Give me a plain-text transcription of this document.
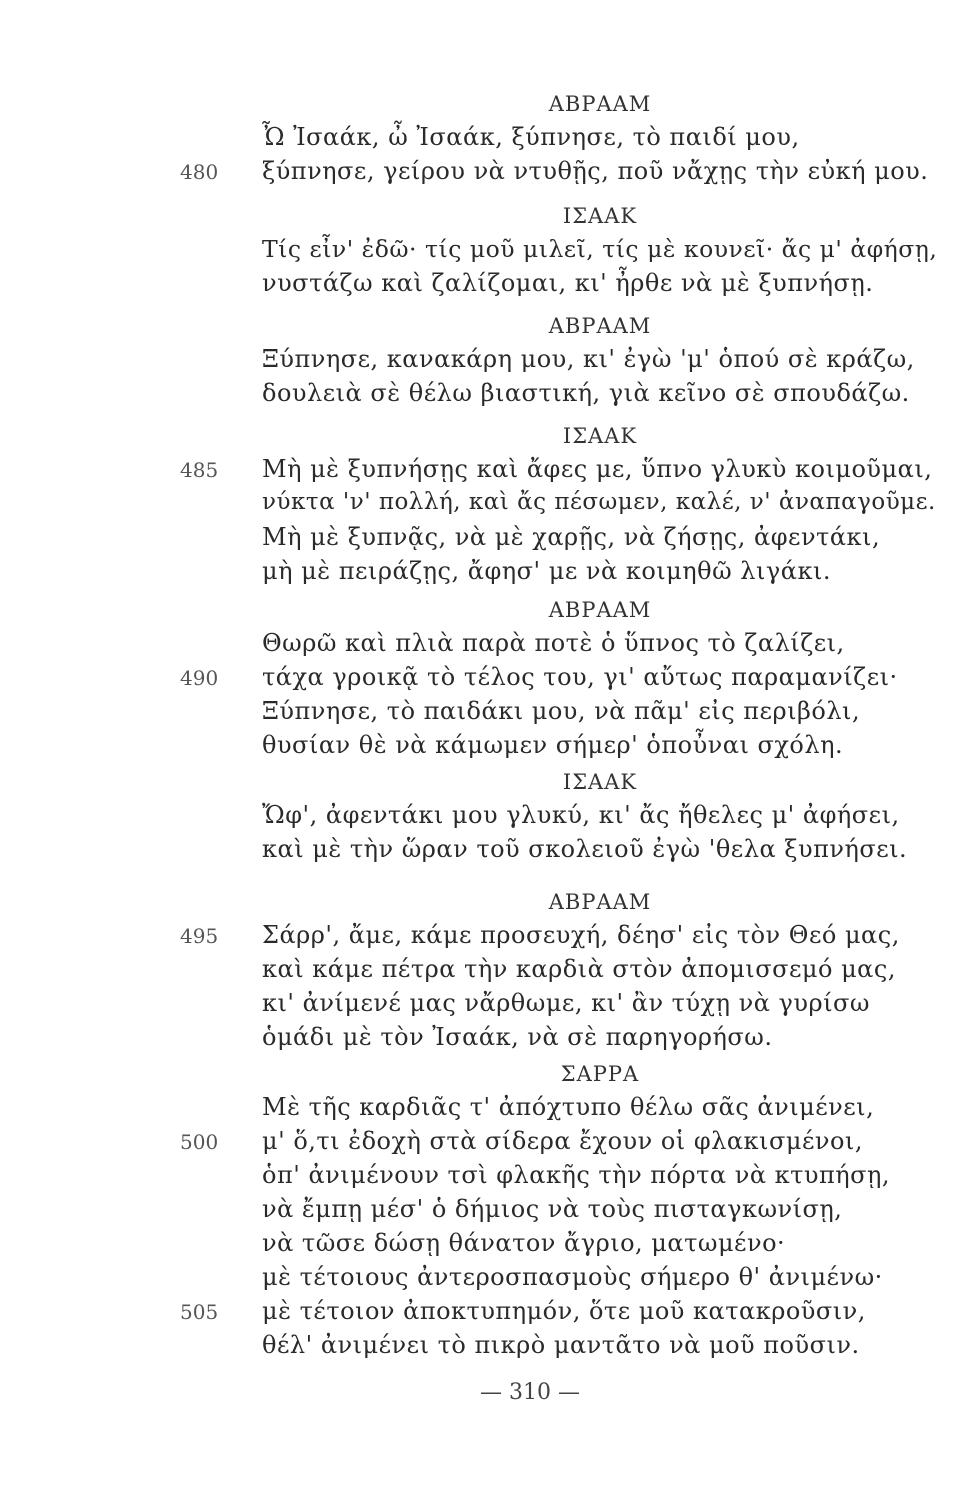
ΑΒΡΑΑΜ
Ὦ Ἰσαάκ, ὦ Ἰσαάκ, ξύπνησε, τὸ παιδί μου,
ξύπνησε, γείρου νὰ ντυθῇς, ποῦ νἄχῃς τὴν εὐκή μου.
480
ΙΣΑΑΚ
Τίς εἶν' ἐδῶ· τίς μοῦ μιλεῖ, τίς μὲ κουνεῖ· ἄς μ' ἀφήσῃ,
νυστάζω καὶ ζαλίζομαι, κι' ἦρθε νὰ μὲ ξυπνήσῃ.
ΑΒΡΑΑΜ
Ξύπνησε, κανακάρη μου, κι' ἐγὼ 'μ' ὁπού σὲ κράζω,
δουλειὰ σὲ θέλω βιαστική, γιὰ κεῖνο σὲ σπουδάζω.
ΙΣΑΑΚ
Μὴ μὲ ξυπνήσῃς καὶ ἄφες με, ὕπνο γλυκὺ κοιμοῦμαι,
485
νύκτα 'ν' πολλή, καὶ ἄς πέσωμεν, καλέ, ν' ἀναπαγοῦμε.
Μὴ μὲ ξυπνᾷς, νὰ μὲ χαρῇς, νὰ ζήσῃς, ἀφεντάκι,
μὴ μὲ πειράζῃς, ἄφησ' με νὰ κοιμηθῶ λιγάκι.
ΑΒΡΑΑΜ
Θωρῶ καὶ πλιὰ παρὰ ποτὲ ὁ ὕπνος τὸ ζαλίζει,
τάχα γροικᾷ τὸ τέλος του, γι' αὔτως παραμανίζει·
490
Ξύπνησε, τὸ παιδάκι μου, νὰ πᾶμ' εἰς περιβόλι,
θυσίαν θὲ νὰ κάμωμεν σήμερ' ὁποὖναι σχόλη.
ΙΣΑΑΚ
Ὤφ', ἀφεντάκι μου γλυκύ, κι' ἄς ἤθελες μ' ἀφήσει,
καὶ μὲ τὴν ὥραν τοῦ σκολειοῦ ἐγὼ 'θελα ξυπνήσει.
ΑΒΡΑΑΜ
Σάρρ', ἄμε, κάμε προσευχή, δέησ' εἰς τὸν Θεό μας,
495
καὶ κάμε πέτρα τὴν καρδιὰ στὸν ἀπομισσεμό μας,
κι' ἀνίμενέ μας νἄρθωμε, κι' ἂν τύχῃ νὰ γυρίσω
ὁμάδι μὲ τὸν Ἰσαάκ, νὰ σὲ παρηγορήσω.
ΣΑΡΡΑ
Μὲ τῆς καρδιᾶς τ' ἀπόχτυπο θέλω σᾶς ἀνιμένει,
μ' ὅ,τι ἐδοχὴ στὰ σίδερα ἔχουν οἱ φλακισμένοι,
500
ὁπ' ἀνιμένουν τσὶ φλακῆς τὴν πόρτα νὰ κτυπήσῃ,
νὰ ἔμπῃ μέσ' ὁ δήμιος νὰ τοὺς πισταγκωνίσῃ,
νὰ τῶσε δώσῃ θάνατον ἄγριο, ματωμένο·
μὲ τέτοιους ἀντεροσπασμοὺς σήμερο θ' ἀνιμένω·
μὲ τέτοιον ἀποκτυπημόν, ὅτε μοῦ κατακροῦσιν,
505
θέλ' ἀνιμένει τὸ πικρὸ μαντᾶτο νὰ μοῦ ποῦσιν.
— 310 —
